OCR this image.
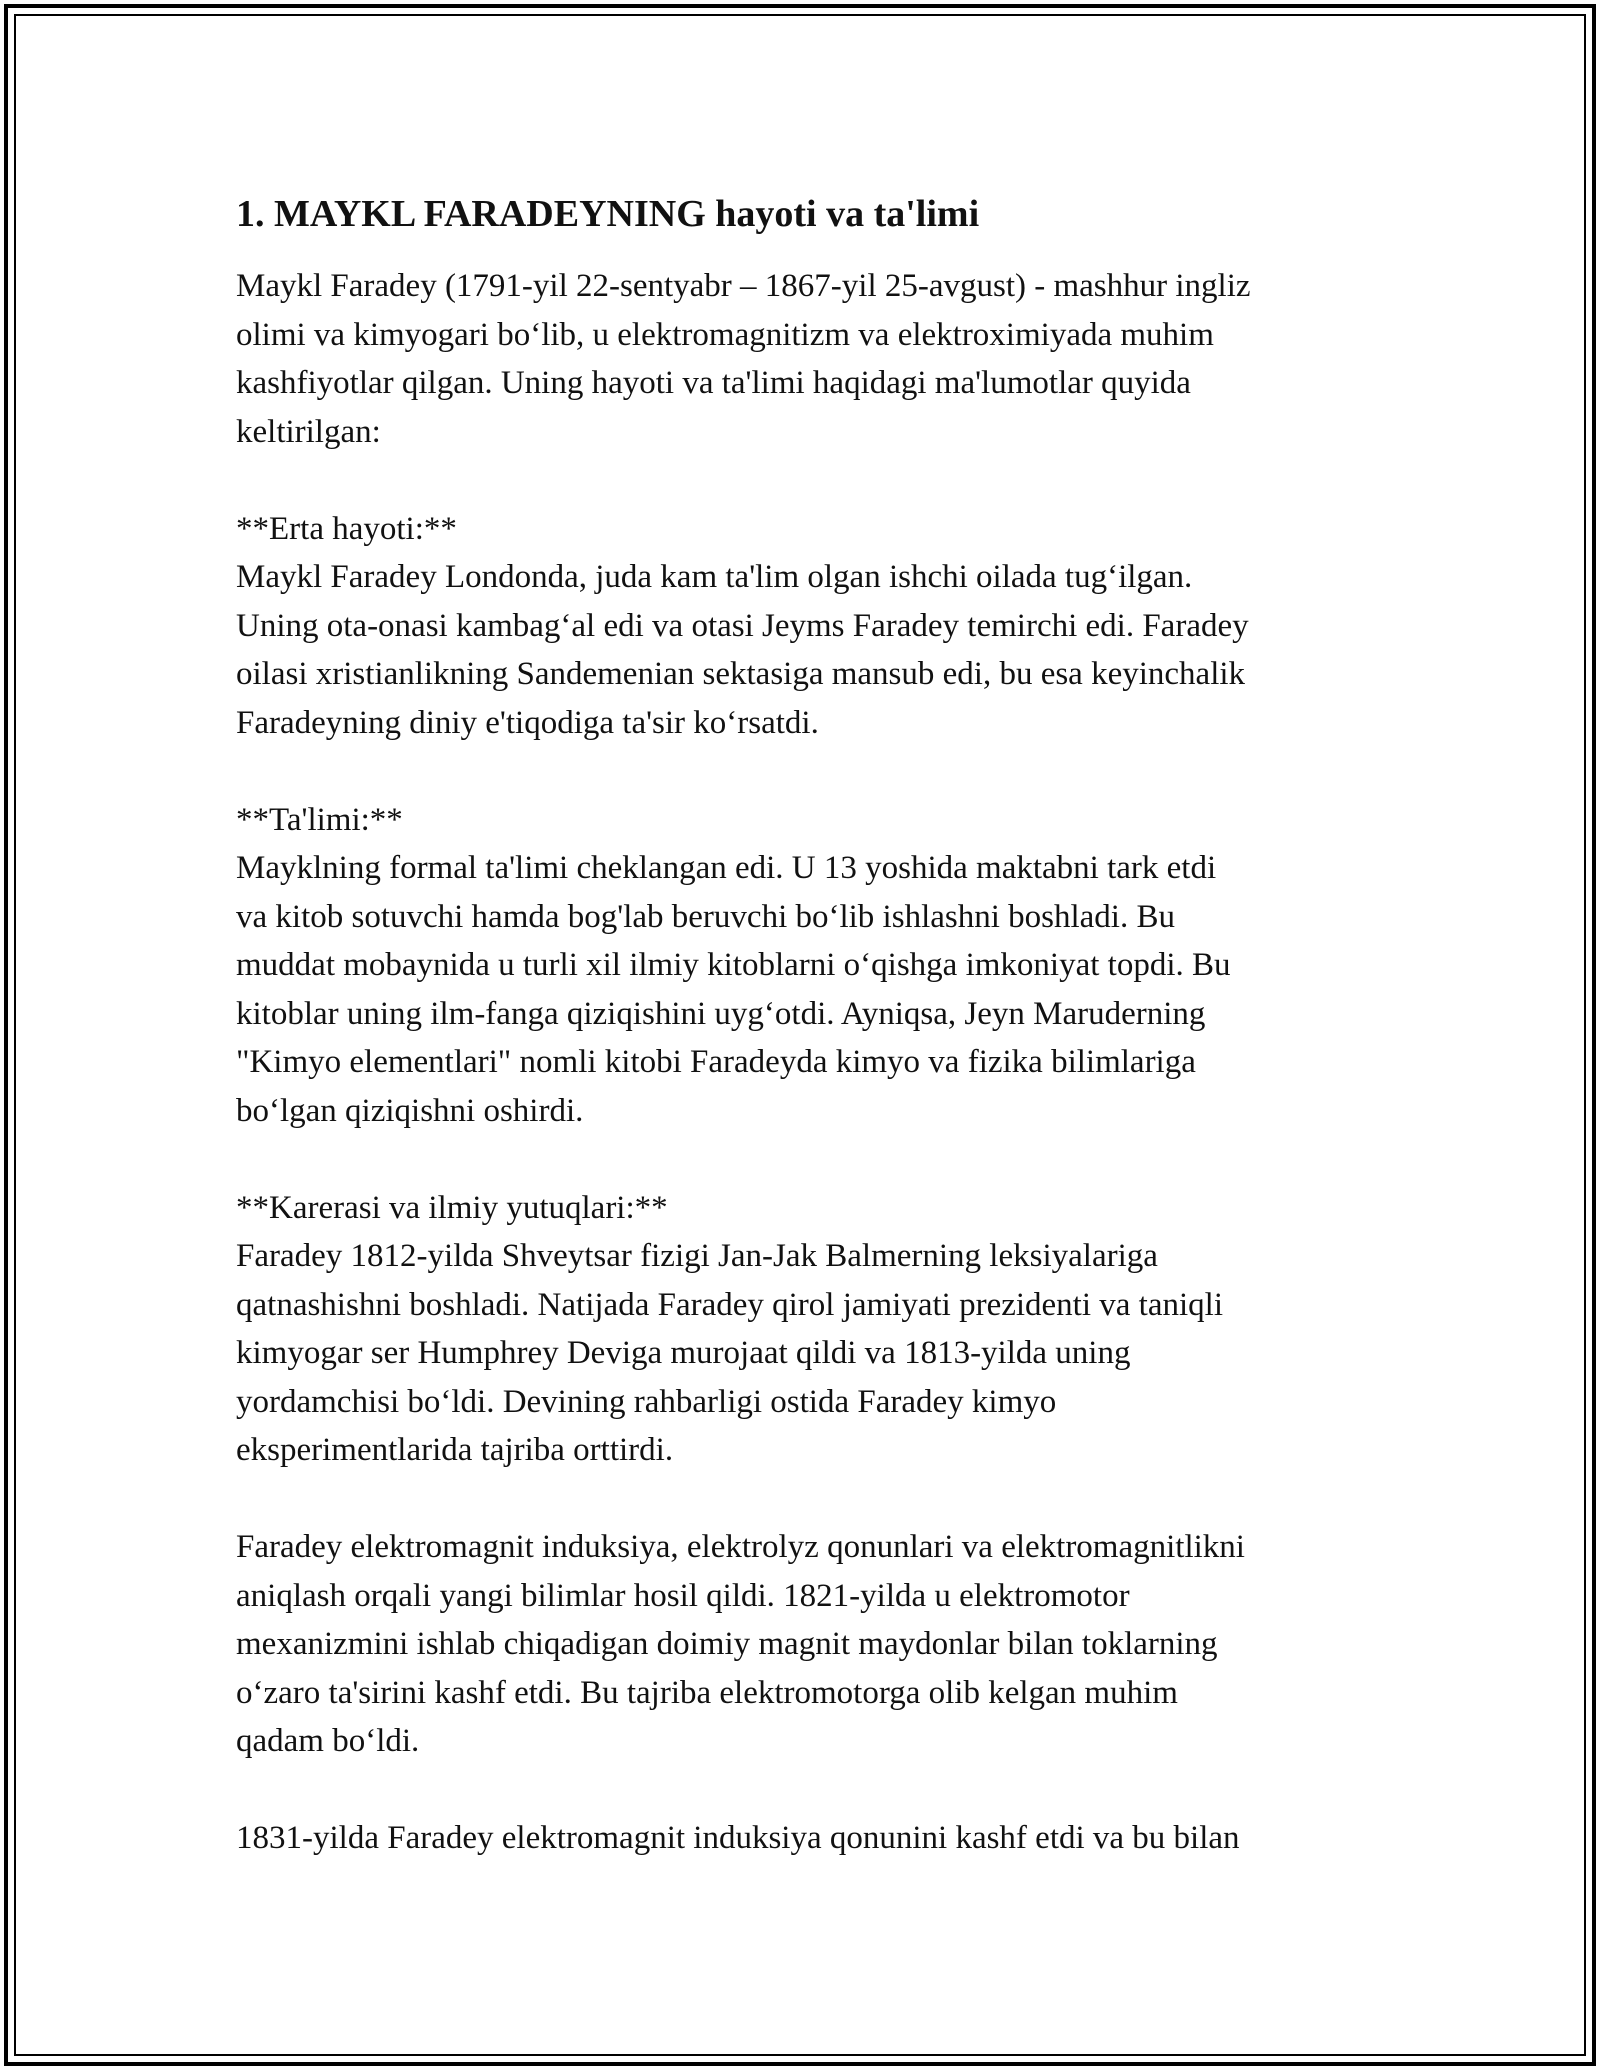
1. MAYKL FARADEYNING hayoti va ta'limi

Maykl Faradey (1791-yil 22-sentyabr – 1867-yil 25-avgust) - mashhur ingliz
olimi va kimyogari bo‘lib, u elektromagnitizm va elektroximiyada muhim
kashfiyotlar qilgan. Uning hayoti va ta'limi haqidagi ma'lumotlar quyida
keltirilgan:

**Erta hayoti:**
Maykl Faradey Londonda, juda kam ta'lim olgan ishchi oilada tug‘ilgan.
Uning ota-onasi kambag‘al edi va otasi Jeyms Faradey temirchi edi. Faradey
oilasi xristianlikning Sandemenian sektasiga mansub edi, bu esa keyinchalik
Faradeyning diniy e'tiqodiga ta'sir ko‘rsatdi.
**Ta'limi:**
Mayklning formal ta'limi cheklangan edi. U 13 yoshida maktabni tark etdi
va kitob sotuvchi hamda bog'lab beruvchi bo‘lib ishlashni boshladi. Bu
muddat mobaynida u turli xil ilmiy kitoblarni o‘qishga imkoniyat topdi. Bu
kitoblar uning ilm-fanga qiziqishini uyg‘otdi. Ayniqsa, Jeyn Maruderning
"Kimyo elementlari" nomli kitobi Faradeyda kimyo va fizika bilimlariga
bo‘lgan qiziqishni oshirdi.
**Karerasi va ilmiy yutuqlari:**
Faradey 1812-yilda Shveytsar fizigi Jan-Jak Balmerning leksiyalariga
qatnashishni boshladi. Natijada Faradey qirol jamiyati prezidenti va taniqli
kimyogar ser Humphrey Deviga murojaat qildi va 1813-yilda uning
yordamchisi bo‘ldi. Devining rahbarligi ostida Faradey kimyo
eksperimentlarida tajriba orttirdi.

Faradey elektromagnit induksiya, elektrolyz qonunlari va elektromagnitlikni
aniqlash orqali yangi bilimlar hosil qildi. 1821-yilda u elektromotor
mexanizmini ishlab chiqadigan doimiy magnit maydonlar bilan toklarning
o‘zaro ta'sirini kashf etdi. Bu tajriba elektromotorga olib kelgan muhim
qadam bo‘ldi.

1831-yilda Faradey elektromagnit induksiya qonunini kashf etdi va bu bilan
